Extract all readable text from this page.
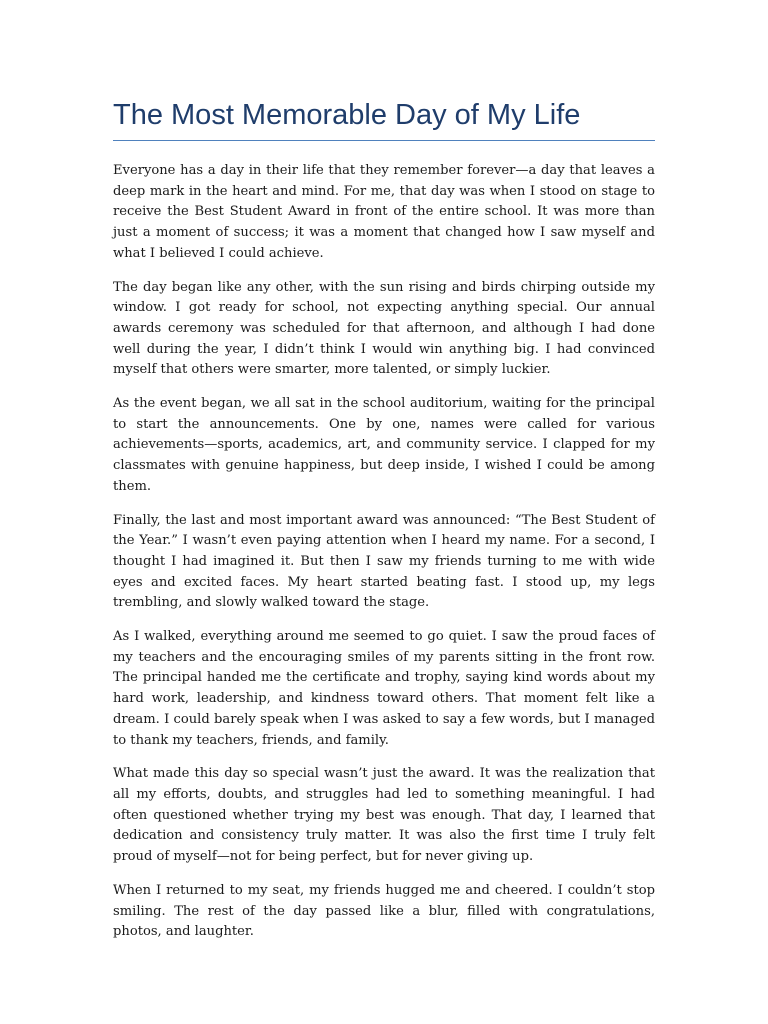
The Most Memorable Day of My Life

Everyone has a day in their life that they remember forever—a day that leaves a deep mark in the heart and mind. For me, that day was when I stood on stage to receive the Best Student Award in front of the entire school. It was more than just a moment of success; it was a moment that changed how I saw myself and what I believed I could achieve.

The day began like any other, with the sun rising and birds chirping outside my window. I got ready for school, not expecting anything special. Our annual awards ceremony was scheduled for that afternoon, and although I had done well during the year, I didn’t think I would win anything big. I had convinced myself that others were smarter, more talented, or simply luckier.

As the event began, we all sat in the school auditorium, waiting for the principal to start the announcements. One by one, names were called for various achievements—sports, academics, art, and community service. I clapped for my classmates with genuine happiness, but deep inside, I wished I could be among them.

Finally, the last and most important award was announced: “The Best Student of the Year.” I wasn’t even paying attention when I heard my name. For a second, I thought I had imagined it. But then I saw my friends turning to me with wide eyes and excited faces. My heart started beating fast. I stood up, my legs trembling, and slowly walked toward the stage.

As I walked, everything around me seemed to go quiet. I saw the proud faces of my teachers and the encouraging smiles of my parents sitting in the front row. The principal handed me the certificate and trophy, saying kind words about my hard work, leadership, and kindness toward others. That moment felt like a dream. I could barely speak when I was asked to say a few words, but I managed to thank my teachers, friends, and family.

What made this day so special wasn’t just the award. It was the realization that all my efforts, doubts, and struggles had led to something meaningful. I had often questioned whether trying my best was enough. That day, I learned that dedication and consistency truly matter. It was also the first time I truly felt proud of myself—not for being perfect, but for never giving up.

When I returned to my seat, my friends hugged me and cheered. I couldn’t stop smiling. The rest of the day passed like a blur, filled with congratulations, photos, and laughter.
